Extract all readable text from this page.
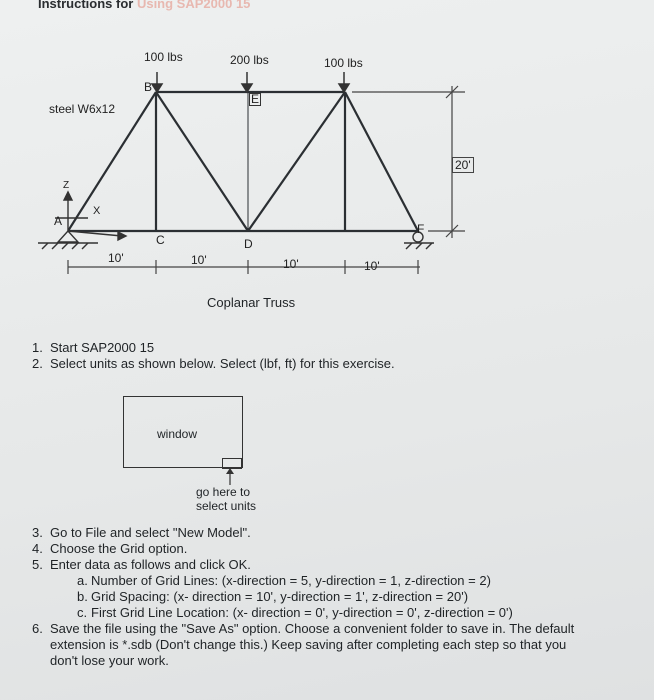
Instructions for Using SAP2000 15
100 lbs	200 lbs	100 lbs
steel W6x12
A
B
C	D
E
F
X
Z
10'	10'	10'	10'
20'
Coplanar Truss
1. Start SAP2000 15
2. Select units as shown below. Select (lbf, ft) for this exercise.
window
go here to
select units
3. Go to File and select "New Model".
4. Choose the Grid option.
5. Enter data as follows and click OK.
a. Number of Grid Lines: (x-direction = 5, y-direction = 1, z-direction = 2)
b. Grid Spacing: (x- direction = 10', y-direction = 1', z-direction = 20')
c. First Grid Line Location: (x- direction = 0', y-direction = 0', z-direction = 0')
6. Save the file using the "Save As" option. Choose a convenient folder to save in. The default extension is *.sdb (Don't change this.) Keep saving after completing each step so that you don't lose your work.
